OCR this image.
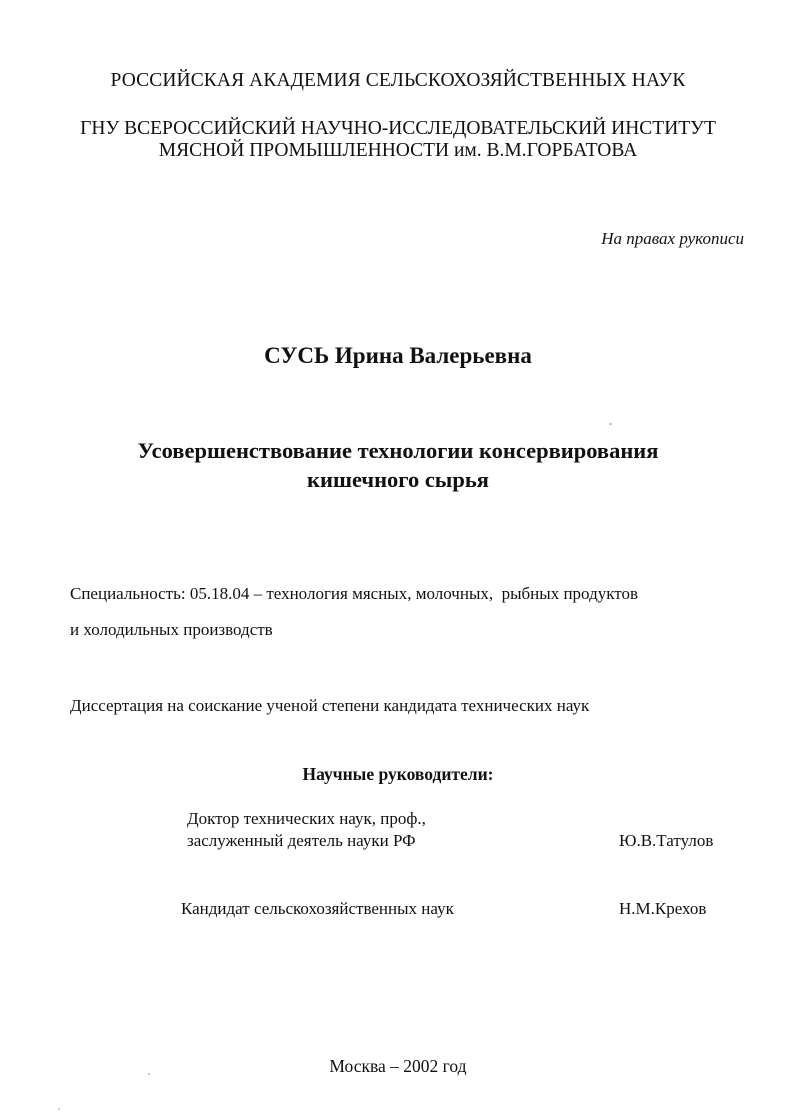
РОССИЙСКАЯ АКАДЕМИЯ СЕЛЬСКОХОЗЯЙСТВЕННЫХ НАУК
ГНУ ВСЕРОССИЙСКИЙ НАУЧНО-ИССЛЕДОВАТЕЛЬСКИЙ ИНСТИТУТ
МЯСНОЙ ПРОМЫШЛЕННОСТИ им. В.М.ГОРБАТОВА
На правах рукописи
СУСЬ Ирина Валерьевна
Усовершенствование технологии консервирования
кишечного сырья
Специальность: 05.18.04 – технология мясных, молочных,  рыбных продуктов
и холодильных производств
Диссертация на соискание ученой степени кандидата технических наук
Научные руководители:
Доктор технических наук, проф.,
заслуженный деятель науки РФ	Ю.В.Татулов
Кандидат сельскохозяйственных наук	Н.М.Крехов
Москва – 2002 год
